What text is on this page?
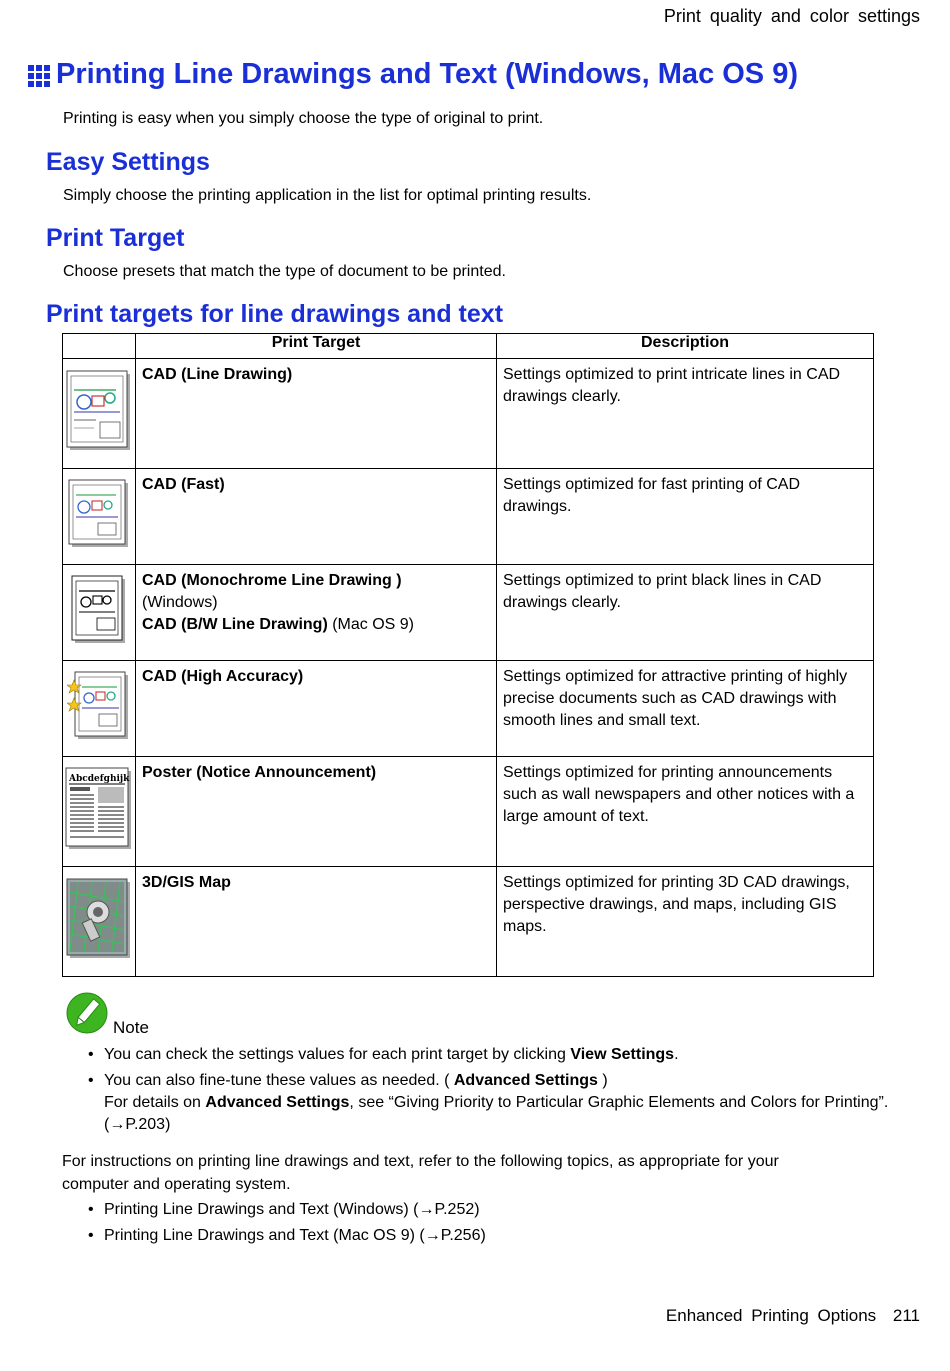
Print quality and color settings
Printing Line Drawings and Text (Windows, Mac OS 9)
Printing is easy when you simply choose the type of original to print.
Easy Settings
Simply choose the printing application in the list for optimal printing results.
Print Target
Choose presets that match the type of document to be printed.
Print targets for line drawings and text
	Print Target	Description
	CAD (Line Drawing)	Settings optimized to print intricate lines in CAD drawings clearly.
	CAD (Fast)	Settings optimized for fast printing of CAD drawings.
	CAD (Monochrome Line Drawing )
(Windows)
CAD (B/W Line Drawing) (Mac OS 9)	Settings optimized to print black lines in CAD drawings clearly.
	CAD (High Accuracy)	Settings optimized for attractive printing of highly precise documents such as CAD drawings with smooth lines and small text.

Abcdefghijk	Poster (Notice Announcement)	Settings optimized for printing announcements such as wall newspapers and other notices with a large amount of text.
	3D/GIS Map	Settings optimized for printing 3D CAD drawings, perspective drawings, and maps, including GIS maps.
Note
• You can check the settings values for each print target by clicking View Settings.
• You can also fine-tune these values as needed. ( Advanced Settings )
For details on Advanced Settings, see “Giving Priority to Particular Graphic Elements and Colors for Printing”. (→P.203)
For instructions on printing line drawings and text, refer to the following topics, as appropriate for your computer and operating system.
• Printing Line Drawings and Text (Windows) (→P.252)
• Printing Line Drawings and Text (Mac OS 9) (→P.256)
Enhanced Printing Options 211
